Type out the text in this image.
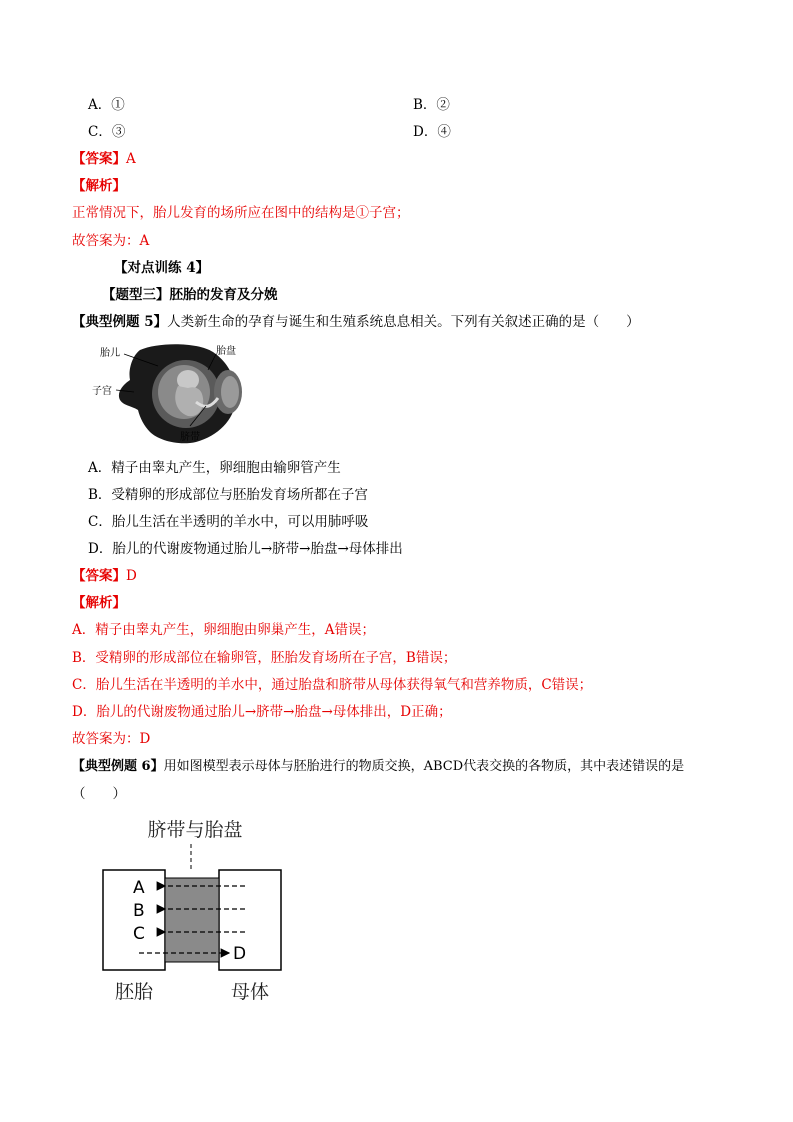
A．①	B．②
C．③	D．④
【答案】A
【解析】
正常情况下，胎儿发育的场所应在图中的结构是①子宫；
故答案为：A
【对点训练 4】
【题型三】胚胎的发育及分娩
【典型例题 5】人类新生命的孕育与诞生和生殖系统息息相关。下列有关叙述正确的是（　　）
胎儿	胎盘
子宫
脐带
A．精子由睾丸产生，卵细胞由输卵管产生
B．受精卵的形成部位与胚胎发育场所都在子宫
C．胎儿生活在半透明的羊水中，可以用肺呼吸
D．胎儿的代谢废物通过胎儿→脐带→胎盘→母体排出
【答案】D
【解析】
A．精子由睾丸产生，卵细胞由卵巢产生，A错误；
B．受精卵的形成部位在输卵管，胚胎发育场所在子宫，B错误；
C．胎儿生活在半透明的羊水中，通过胎盘和脐带从母体获得氧气和营养物质，C错误；
D．胎儿的代谢废物通过胎儿→脐带→胎盘→母体排出，D正确；
故答案为：D
【典型例题 6】用如图模型表示母体与胚胎进行的物质交换，ABCD代表交换的各物质，其中表述错误的是
（　　）
脐带与胎盘
A
B
C
D
胚胎	母体
